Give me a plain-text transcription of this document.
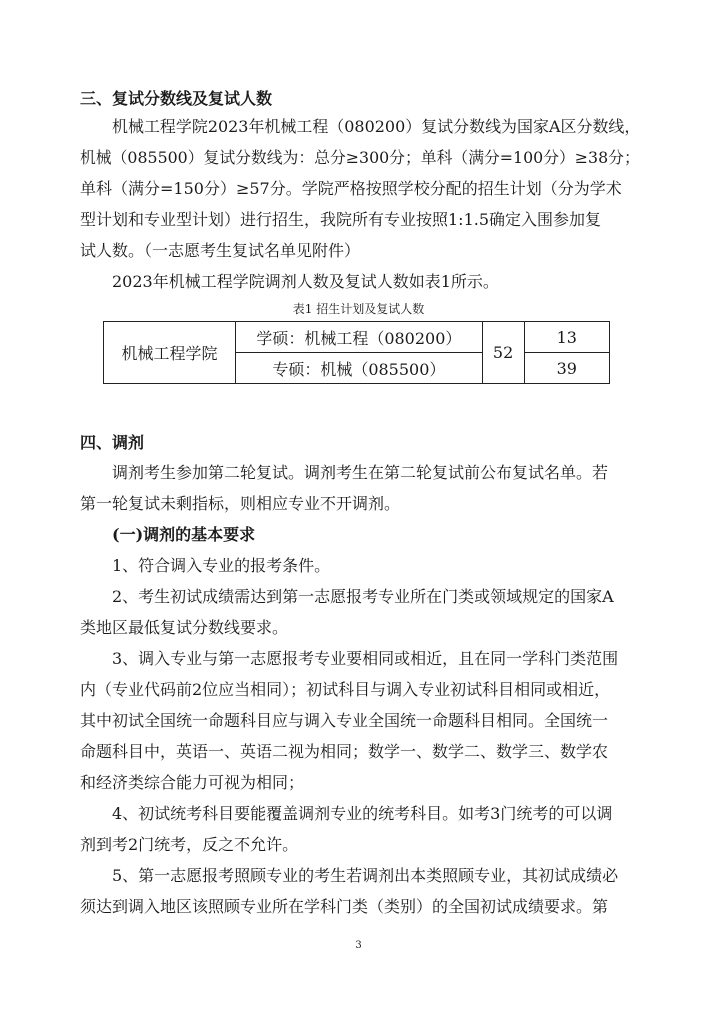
三、复试分数线及复试人数
机械工程学院2023年机械工程（080200）复试分数线为国家A区分数线，
机械（085500）复试分数线为：总分≥300分；单科（满分=100分）≥38分；
单科（满分=150分）≥57分。学院严格按照学校分配的招生计划（分为学术
型计划和专业型计划）进行招生，我院所有专业按照1:1.5确定入围参加复
试人数。（一志愿考生复试名单见附件）
2023年机械工程学院调剂人数及复试人数如表1所示。
表1 招生计划及复试人数
机械工程学院	学硕：机械工程（080200）	52	13
	专硕：机械（085500）		39
四、调剂
调剂考生参加第二轮复试。调剂考生在第二轮复试前公布复试名单。若
第一轮复试未剩指标，则相应专业不开调剂。
(一)调剂的基本要求
1、符合调入专业的报考条件。
2、考生初试成绩需达到第一志愿报考专业所在门类或领域规定的国家A
类地区最低复试分数线要求。
3、调入专业与第一志愿报考专业要相同或相近，且在同一学科门类范围
内（专业代码前2位应当相同）；初试科目与调入专业初试科目相同或相近，
其中初试全国统一命题科目应与调入专业全国统一命题科目相同。全国统一
命题科目中，英语一、英语二视为相同；数学一、数学二、数学三、数学农
和经济类综合能力可视为相同；
4、初试统考科目要能覆盖调剂专业的统考科目。如考3门统考的可以调
剂到考2门统考，反之不允许。
5、第一志愿报考照顾专业的考生若调剂出本类照顾专业，其初试成绩必
须达到调入地区该照顾专业所在学科门类（类别）的全国初试成绩要求。第
3
